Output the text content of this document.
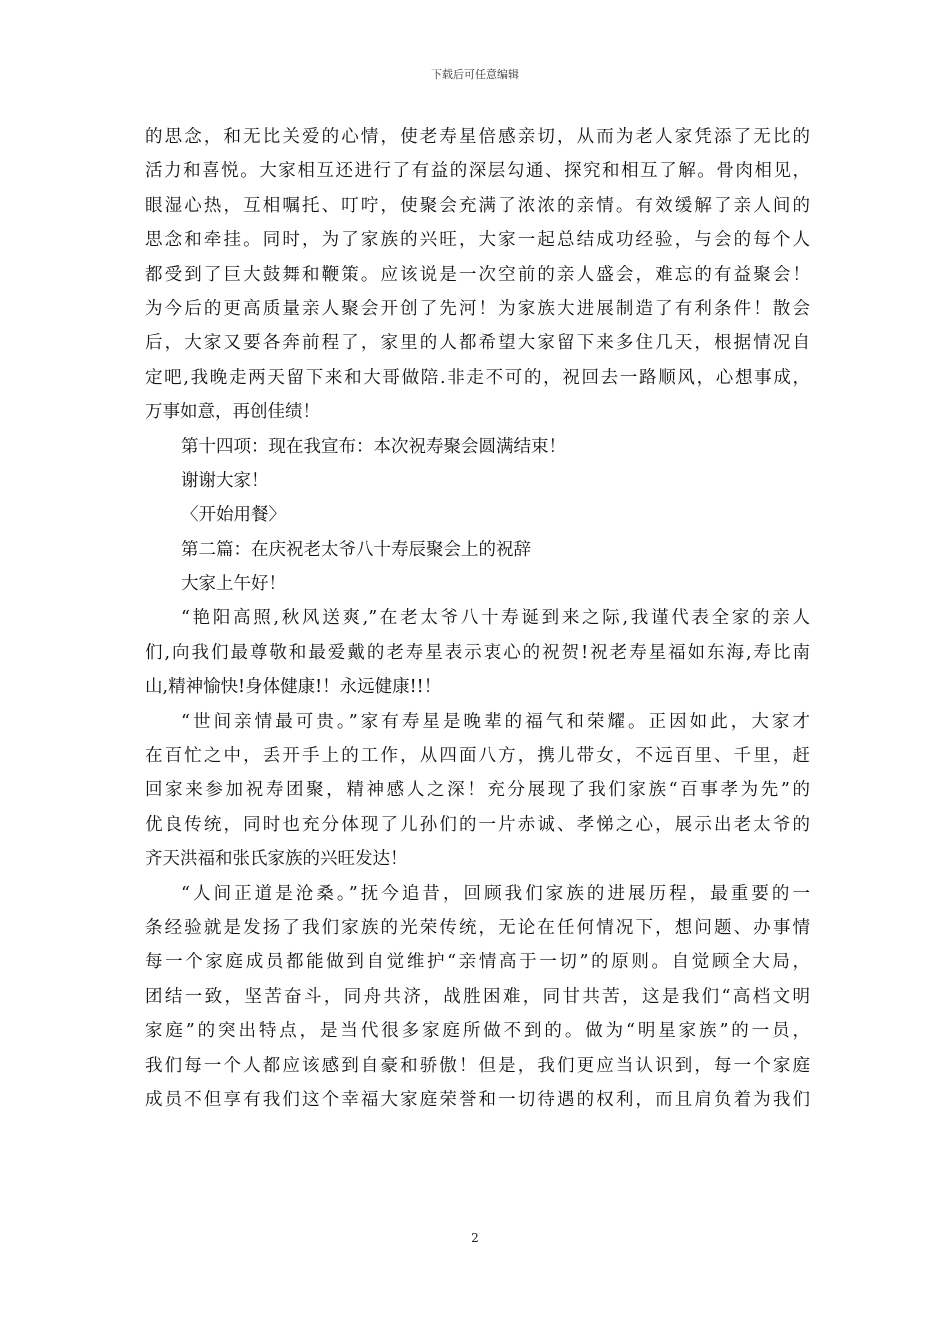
下载后可任意编辑
的思念，和无比关爱的心情，使老寿星倍感亲切，从而为老人家凭添了无比的
活力和喜悦。大家相互还进行了有益的深层勾通、探究和相互了解。骨肉相见，
眼湿心热，互相嘱托、叮咛，使聚会充满了浓浓的亲情。有效缓解了亲人间的
思念和牵挂。同时，为了家族的兴旺，大家一起总结成功经验，与会的每个人
都受到了巨大鼓舞和鞭策。应该说是一次空前的亲人盛会，难忘的有益聚会！
为今后的更高质量亲人聚会开创了先河！为家族大进展制造了有利条件！散会
后，大家又要各奔前程了，家里的人都希望大家留下来多住几天，根据情况自
定吧,我晚走两天留下来和大哥做陪.非走不可的，祝回去一路顺风，心想事成，
万事如意，再创佳绩！
第十四项：现在我宣布：本次祝寿聚会圆满结束！
谢谢大家！
〈开始用餐〉
第二篇：在庆祝老太爷八十寿辰聚会上的祝辞
大家上午好！
“艳阳高照,秋风送爽,”在老太爷八十寿诞到来之际,我谨代表全家的亲人
们,向我们最尊敬和最爱戴的老寿星表示衷心的祝贺!祝老寿星福如东海,寿比南
山,精神愉快!身体健康!！永远健康!!！
“世间亲情最可贵。”家有寿星是晚辈的福气和荣耀。正因如此，大家才
在百忙之中，丢开手上的工作，从四面八方，携儿带女，不远百里、千里，赶
回家来参加祝寿团聚，精神感人之深！充分展现了我们家族“百事孝为先”的
优良传统，同时也充分体现了儿孙们的一片赤诚、孝悌之心，展示出老太爷的
齐天洪福和张氏家族的兴旺发达！
“人间正道是沧桑。”抚今追昔，回顾我们家族的进展历程，最重要的一
条经验就是发扬了我们家族的光荣传统，无论在任何情况下，想问题、办事情
每一个家庭成员都能做到自觉维护“亲情高于一切”的原则。自觉顾全大局，
团结一致，坚苦奋斗，同舟共济，战胜困难，同甘共苦，这是我们“高档文明
家庭”的突出特点，是当代很多家庭所做不到的。做为“明星家族”的一员，
我们每一个人都应该感到自豪和骄傲！但是，我们更应当认识到，每一个家庭
成员不但享有我们这个幸福大家庭荣誉和一切待遇的权利，而且肩负着为我们
2
